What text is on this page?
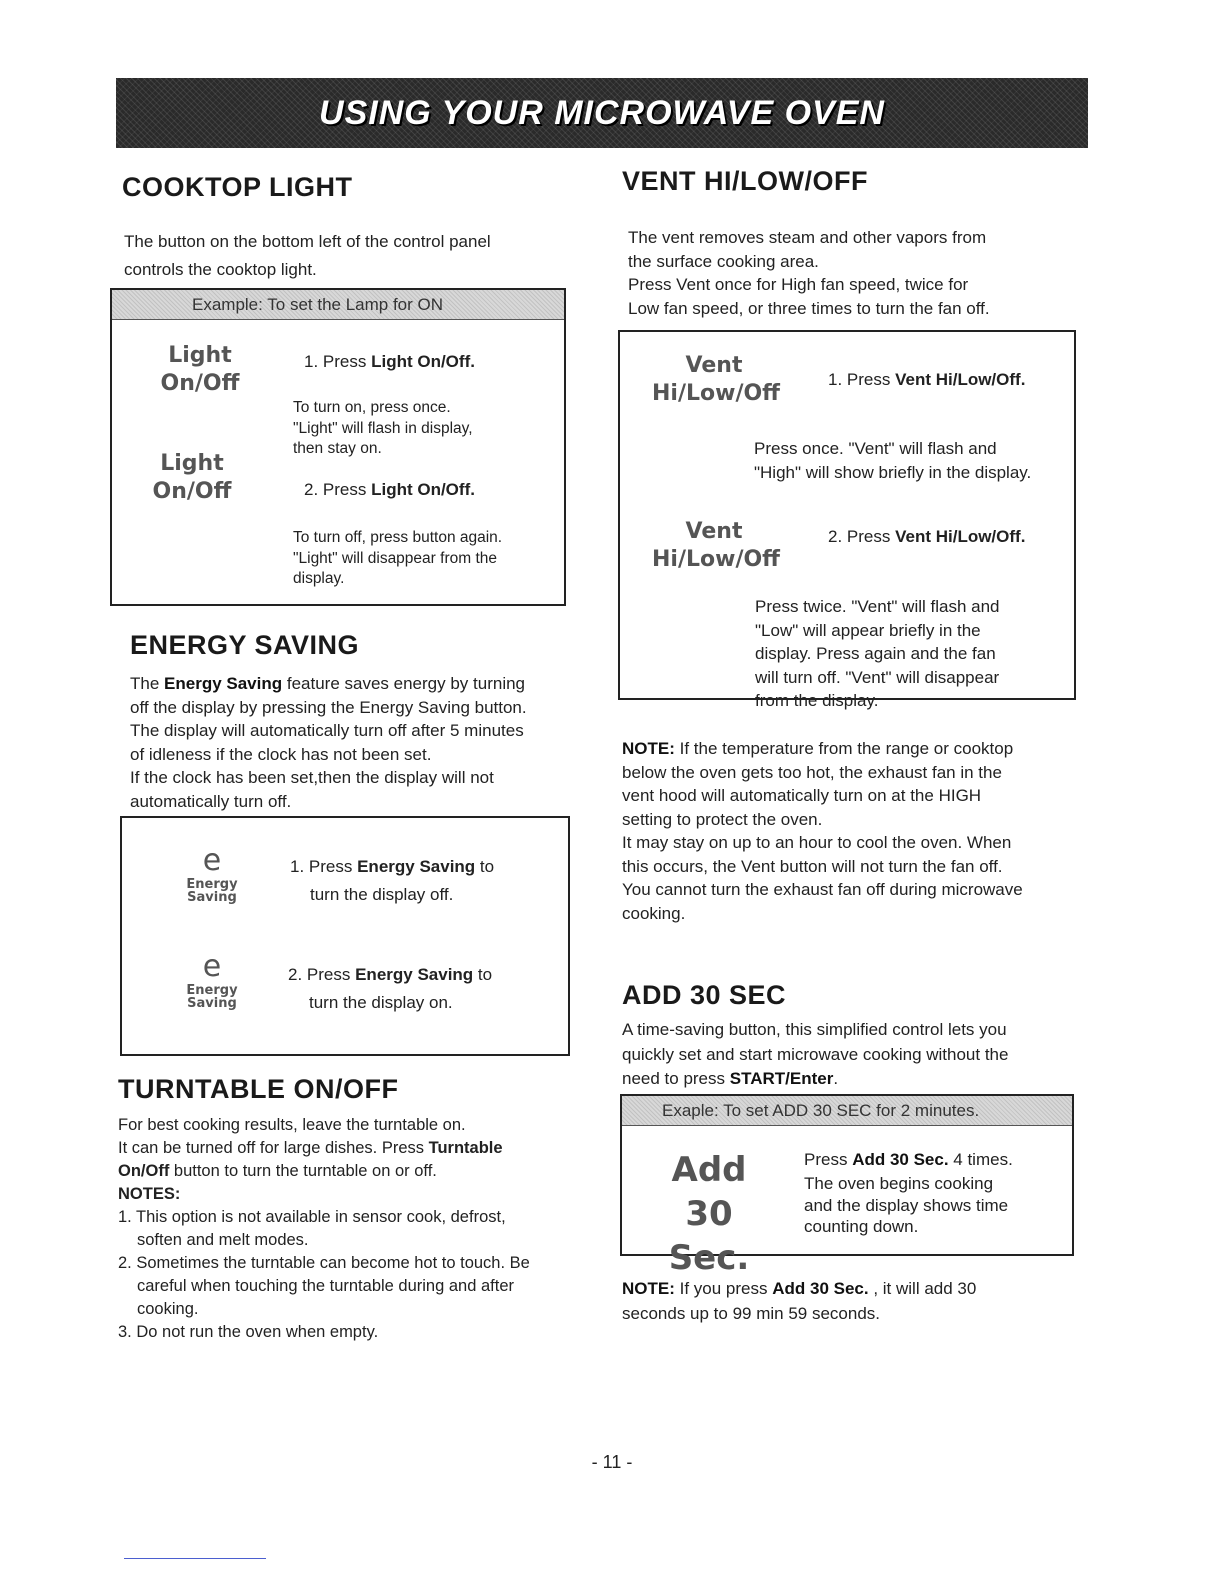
USING YOUR MICROWAVE OVEN
COOKTOP LIGHT
The button on the bottom left of the control panel
controls the cooktop light.
Example: To set the Lamp for ON
Light
On/Off
1. Press Light On/Off.
To turn on, press once.
"Light" will flash in display,
then stay on.
Light
On/Off	2. Press Light On/Off.
To turn off, press button again.
"Light" will disappear from the
display.
ENERGY SAVING
The Energy Saving feature saves energy by turning
off the display by pressing the Energy Saving button.
The display will automatically turn off after 5 minutes
of idleness if the clock has not been set.
If the clock has been set,then the display will not
automatically turn off.
e
Energy
Saving
1. Press Energy Saving to
turn the display off.
e
Energy
Saving
2. Press Energy Saving to
turn the display on.
TURNTABLE ON/OFF
For best cooking results, leave the turntable on.
It can be turned off for large dishes. Press Turntable
On/Off button to turn the turntable on or off.
NOTES:
1. This option is not available in sensor cook, defrost,
soften and melt modes.
2. Sometimes the turntable can become hot to touch. Be
careful when touching the turntable during and after
cooking.
3. Do not run the oven when empty.
VENT HI/LOW/OFF
The vent removes steam and other vapors from
the surface cooking area.
Press Vent once for High fan speed, twice for
Low fan speed, or three times to turn the fan off.
Vent
Hi/Low/Off
1. Press Vent Hi/Low/Off.
Press once. "Vent" will flash and
"High" will show briefly in the display.
Vent
Hi/Low/Off
2. Press Vent Hi/Low/Off.
Press twice. "Vent" will flash and
"Low" will appear briefly in the
display. Press again and the fan
will turn off. "Vent" will disappear
from the display.
NOTE: If the temperature from the range or cooktop
below the oven gets too hot, the exhaust fan in the
vent hood will automatically turn on at the HIGH
setting to protect the oven.
It may stay on up to an hour to cool the oven. When
this occurs, the Vent button will not turn the fan off.
You cannot turn the exhaust fan off during microwave
cooking.
ADD 30 SEC
A time-saving button, this simplified control lets you
quickly set and start microwave cooking without the
need to press START/Enter.
Exaple: To set ADD 30 SEC for 2 minutes.
Add
30 Sec.
Press Add 30 Sec. 4 times.
The oven begins cooking
and the display shows time
counting down.
NOTE: If you press Add 30 Sec. , it will add 30
seconds up to 99 min 59 seconds.
- 11 -
